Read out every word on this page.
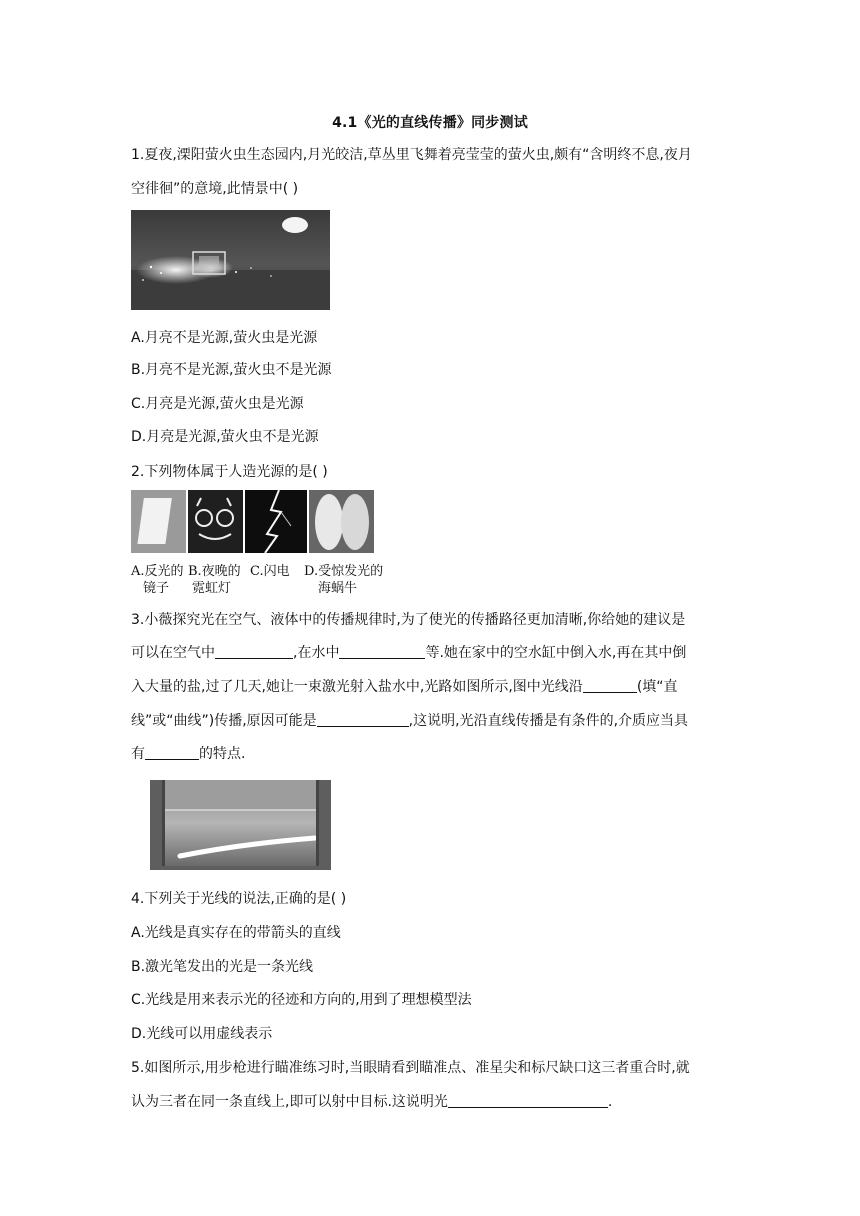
4.1《光的直线传播》同步测试
1.夏夜,溧阳萤火虫生态园内,月光皎洁,草丛里飞舞着亮莹莹的萤火虫,颇有“含明终不息,夜月
空徘徊”的意境,此情景中( )
A.月亮不是光源,萤火虫是光源
B.月亮不是光源,萤火虫不是光源
C.月亮是光源,萤火虫是光源
D.月亮是光源,萤火虫不是光源
2.下列物体属于人造光源的是( )
A.反光的
镜子
B.夜晚的
霓虹灯
C.闪电 D.受惊发光的
海蜗牛
3.小薇探究光在空气、液体中的传播规律时,为了使光的传播路径更加清晰,你给她的建议是
可以在空气中	,在水中	等.她在家中的空水缸中倒入水,再在其中倒
入大量的盐,过了几天,她让一束激光射入盐水中,光路如图所示,图中光线沿	(填“直
线”或“曲线”)传播,原因可能是	,这说明,光沿直线传播是有条件的,介质应当具
有	的特点.
4.下列关于光线的说法,正确的是( )
A.光线是真实存在的带箭头的直线
B.激光笔发出的光是一条光线
C.光线是用来表示光的径迹和方向的,用到了理想模型法
D.光线可以用虚线表示
5.如图所示,用步枪进行瞄准练习时,当眼睛看到瞄准点、准星尖和标尺缺口这三者重合时,就
认为三者在同一条直线上,即可以射中目标.这说明光	.
